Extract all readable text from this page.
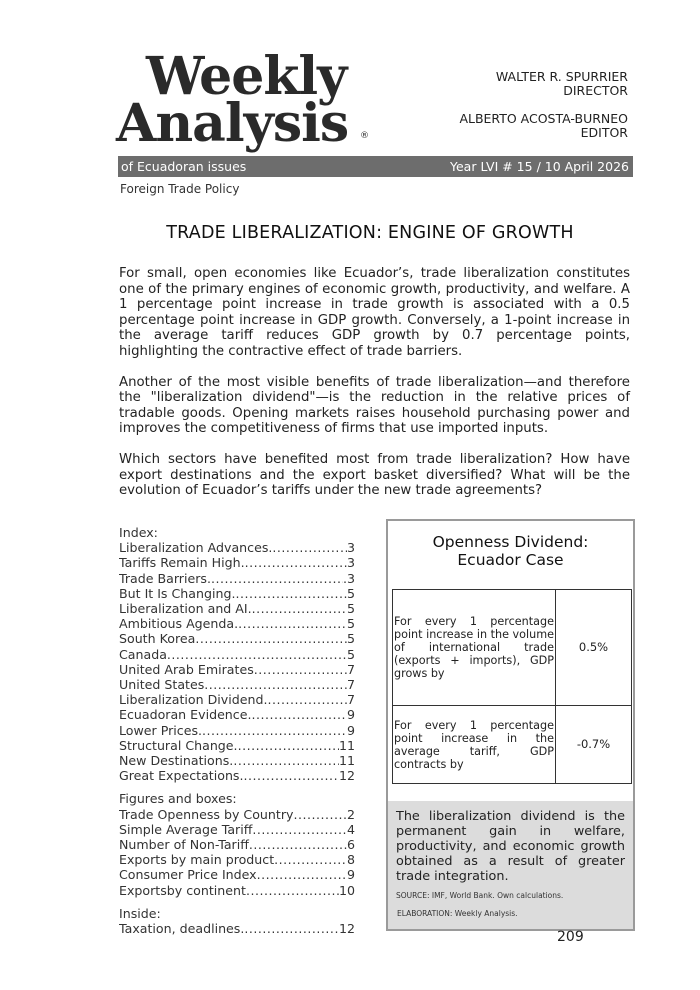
Weekly
Analysis	®
WALTER R. SPURRIER
DIRECTOR
ALBERTO ACOSTA-BURNEO
EDITOR
of Ecuadoran issues	Year LVI # 15 / 10 April 2026
Foreign Trade Policy
TRADE LIBERALIZATION: ENGINE OF GROWTH

For small, open economies like Ecuador’s, trade liberalization constitutes one of the primary engines of economic growth, productivity, and welfare. A 1 percentage point increase in trade growth is associated with a 0.5 percentage point increase in GDP growth. Conversely, a 1-point increase in the average tariff reduces GDP growth by 0.7 percentage points, highlighting the contractive effect of trade barriers.

Another of the most visible benefits of trade liberalization—and therefore the "liberalization dividend"—is the reduction in the relative prices of tradable goods. Opening markets raises household purchasing power and improves the competitiveness of firms that use imported inputs.

Which sectors have benefited most from trade liberalization? How have export destinations and the export basket diversified? What will be the evolution of Ecuador’s tariffs under the new trade agreements?

Index:
Liberalization Advances. .....	3
Tariffs Remain High. .....	3
Trade Barriers. .....	.3
But It Is Changing. .....	5
Liberalization and AI. .....	5
Ambitious Agenda. .....	5
South Korea .....	5
Canada .....	5
United Arab Emirates .....	7
United States .....	7
Liberalization Dividend. .....	7
Ecuadoran Evidence. .....	9
Lower Prices. .....	9
Structural Change. .....	11
New Destinations. .....	11
Great Expectations. .....	12
Figures and boxes:
Trade Openness by Country .....	2
Simple Average Tariff .....	4
Number of Non-Tariff .....	6
Exports by main product .....	8
Consumer Price Index .....	9
Exportsby continent .....	10
Inside:
Taxation, deadlines. .....	12
Openness Dividend:
Ecuador Case
For every 1 percentage point increase in the volume of international trade (exports + imports), GDP grows by	0.5%
For every 1 percentage point increase in the average tariff, GDP contracts by	-0.7%
The liberalization dividend is the permanent gain in welfare, productivity, and economic growth obtained as a result of greater trade integration.
SOURCE: IMF, World Bank. Own calculations.
ELABORATION: Weekly Analysis.
209
